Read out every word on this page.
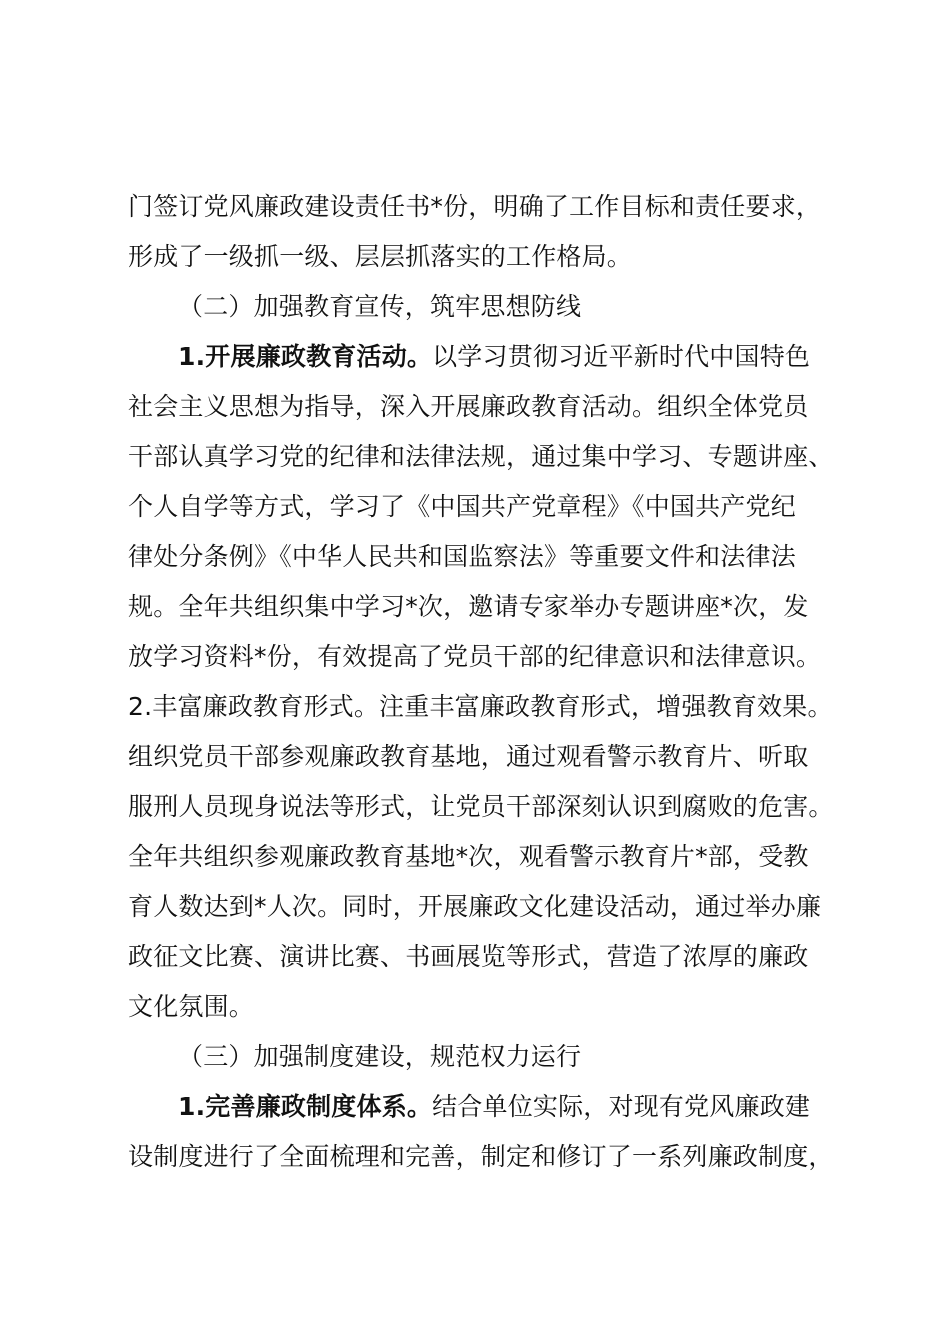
门签订党风廉政建设责任书*份，明确了工作目标和责任要求，
形成了一级抓一级、层层抓落实的工作格局。
（二）加强教育宣传，筑牢思想防线
1.开展廉政教育活动。以学习贯彻习近平新时代中国特色
社会主义思想为指导，深入开展廉政教育活动。组织全体党员
干部认真学习党的纪律和法律法规，通过集中学习、专题讲座、
个人自学等方式，学习了《中国共产党章程》《中国共产党纪
律处分条例》《中华人民共和国监察法》等重要文件和法律法
规。全年共组织集中学习*次，邀请专家举办专题讲座*次，发
放学习资料*份，有效提高了党员干部的纪律意识和法律意识。
2.丰富廉政教育形式。注重丰富廉政教育形式，增强教育效果。
组织党员干部参观廉政教育基地，通过观看警示教育片、听取
服刑人员现身说法等形式，让党员干部深刻认识到腐败的危害。
全年共组织参观廉政教育基地*次，观看警示教育片*部，受教
育人数达到*人次。同时，开展廉政文化建设活动，通过举办廉
政征文比赛、演讲比赛、书画展览等形式，营造了浓厚的廉政
文化氛围。
（三）加强制度建设，规范权力运行
1.完善廉政制度体系。结合单位实际，对现有党风廉政建
设制度进行了全面梳理和完善，制定和修订了一系列廉政制度，
